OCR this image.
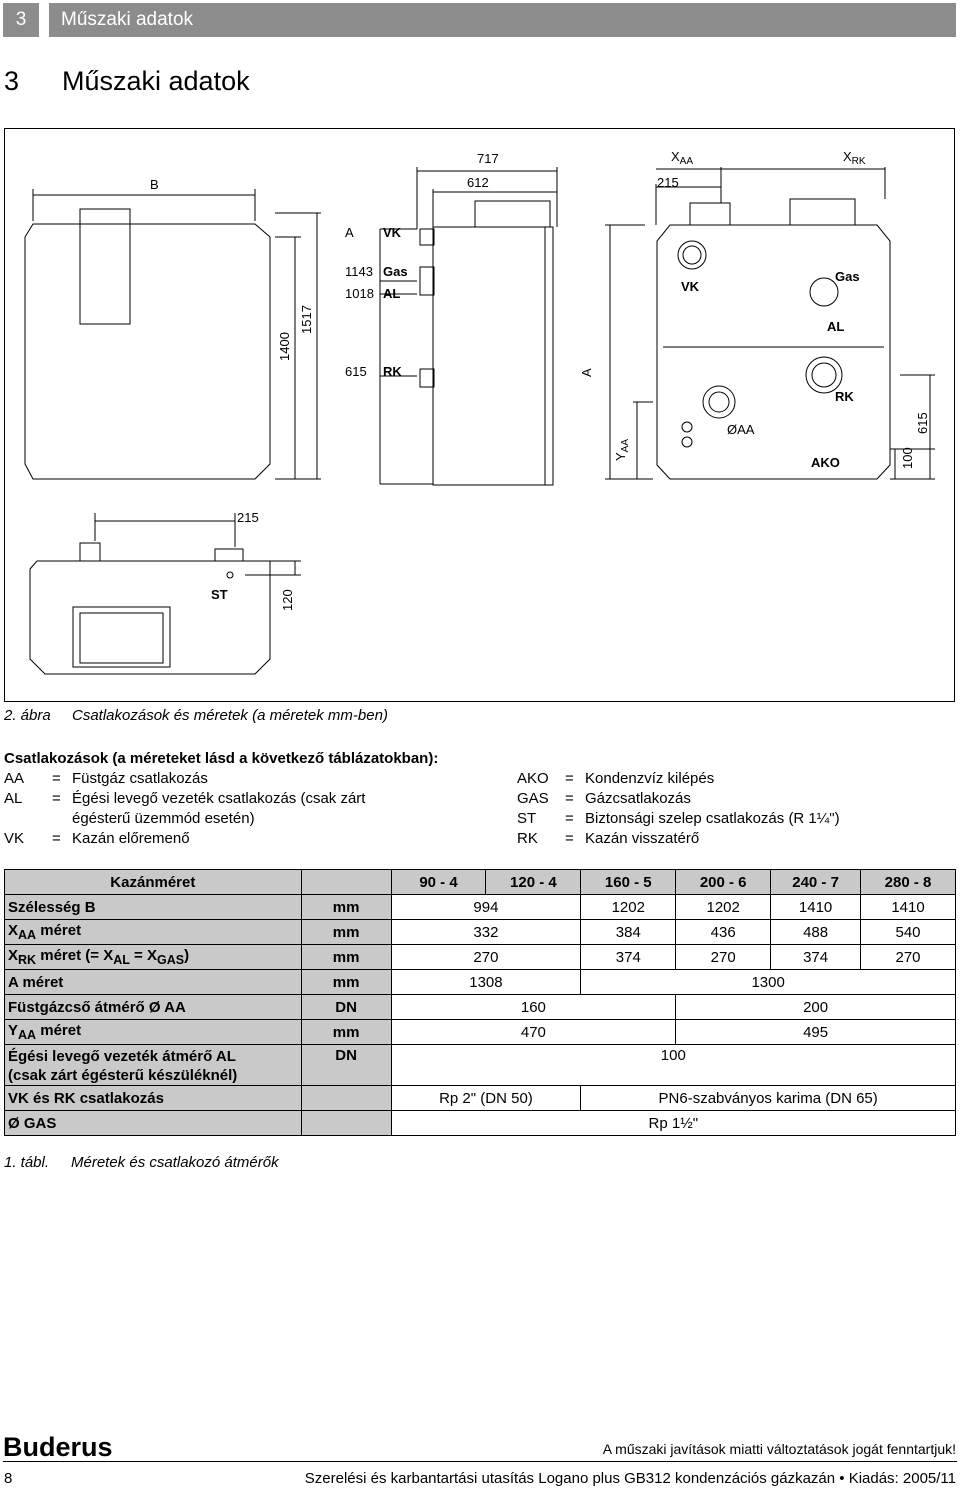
3	Műszaki adatok
3 Műszaki adatok
B
1400
1517
A VK
1143 Gas
1018 AL
615 RK
717
612
A
215
$X_{AA}$	$X_{RK}$
VK
Gas
AL
RK
ØAA
AKO
$Y_{AA}$
100
615
215
ST	120
2. ábra Csatlakozások és méretek (a méretek mm-ben)
Csatlakozások (a méreteket lásd a következő táblázatokban):
AA = Füstgáz csatlakozás
AL = Égési levegő vezeték csatlakozás (csak zárt
égésterű üzemmód esetén)
VK = Kazán előremenő
AKO = Kondenzvíz kilépés
GAS = Gázcsatlakozás
ST = Biztonsági szelep csatlakozás (R 1¼")
RK = Kazán visszatérő
Kazánméret		90 - 4	120 - 4	160 - 5	200 - 6	240 - 7	280 - 8
Szélesség B	mm	994		1202	1202	1410	1410
$X_{AA}$ méret	mm	332		384	436	488	540
$X_{RK}$ méret (= $X_{AL} = X_{GAS}$)	mm	270		374	270	374	270
A méret	mm	1308		1300			
Füstgázcső átmérő Ø AA	DN	160			200		
$Y_{AA}$ méret	mm	470			495		

Égési levegő vezeték átmérő AL
(csak zárt égésterű készüléknél)	DN	100					
VK és RK csatlakozás		Rp 2" (DN 50)		PN6-szabványos karima (DN 65)			
Ø GAS		Rp 1½"					
1. tábl. Méretek és csatlakozó átmérők
Buderus	A műszaki javítások miatti változtatások jogát fenntartjuk!
8	Szerelési és karbantartási utasítás Logano plus GB312 kondenzációs gázkazán • Kiadás: 2005/11
